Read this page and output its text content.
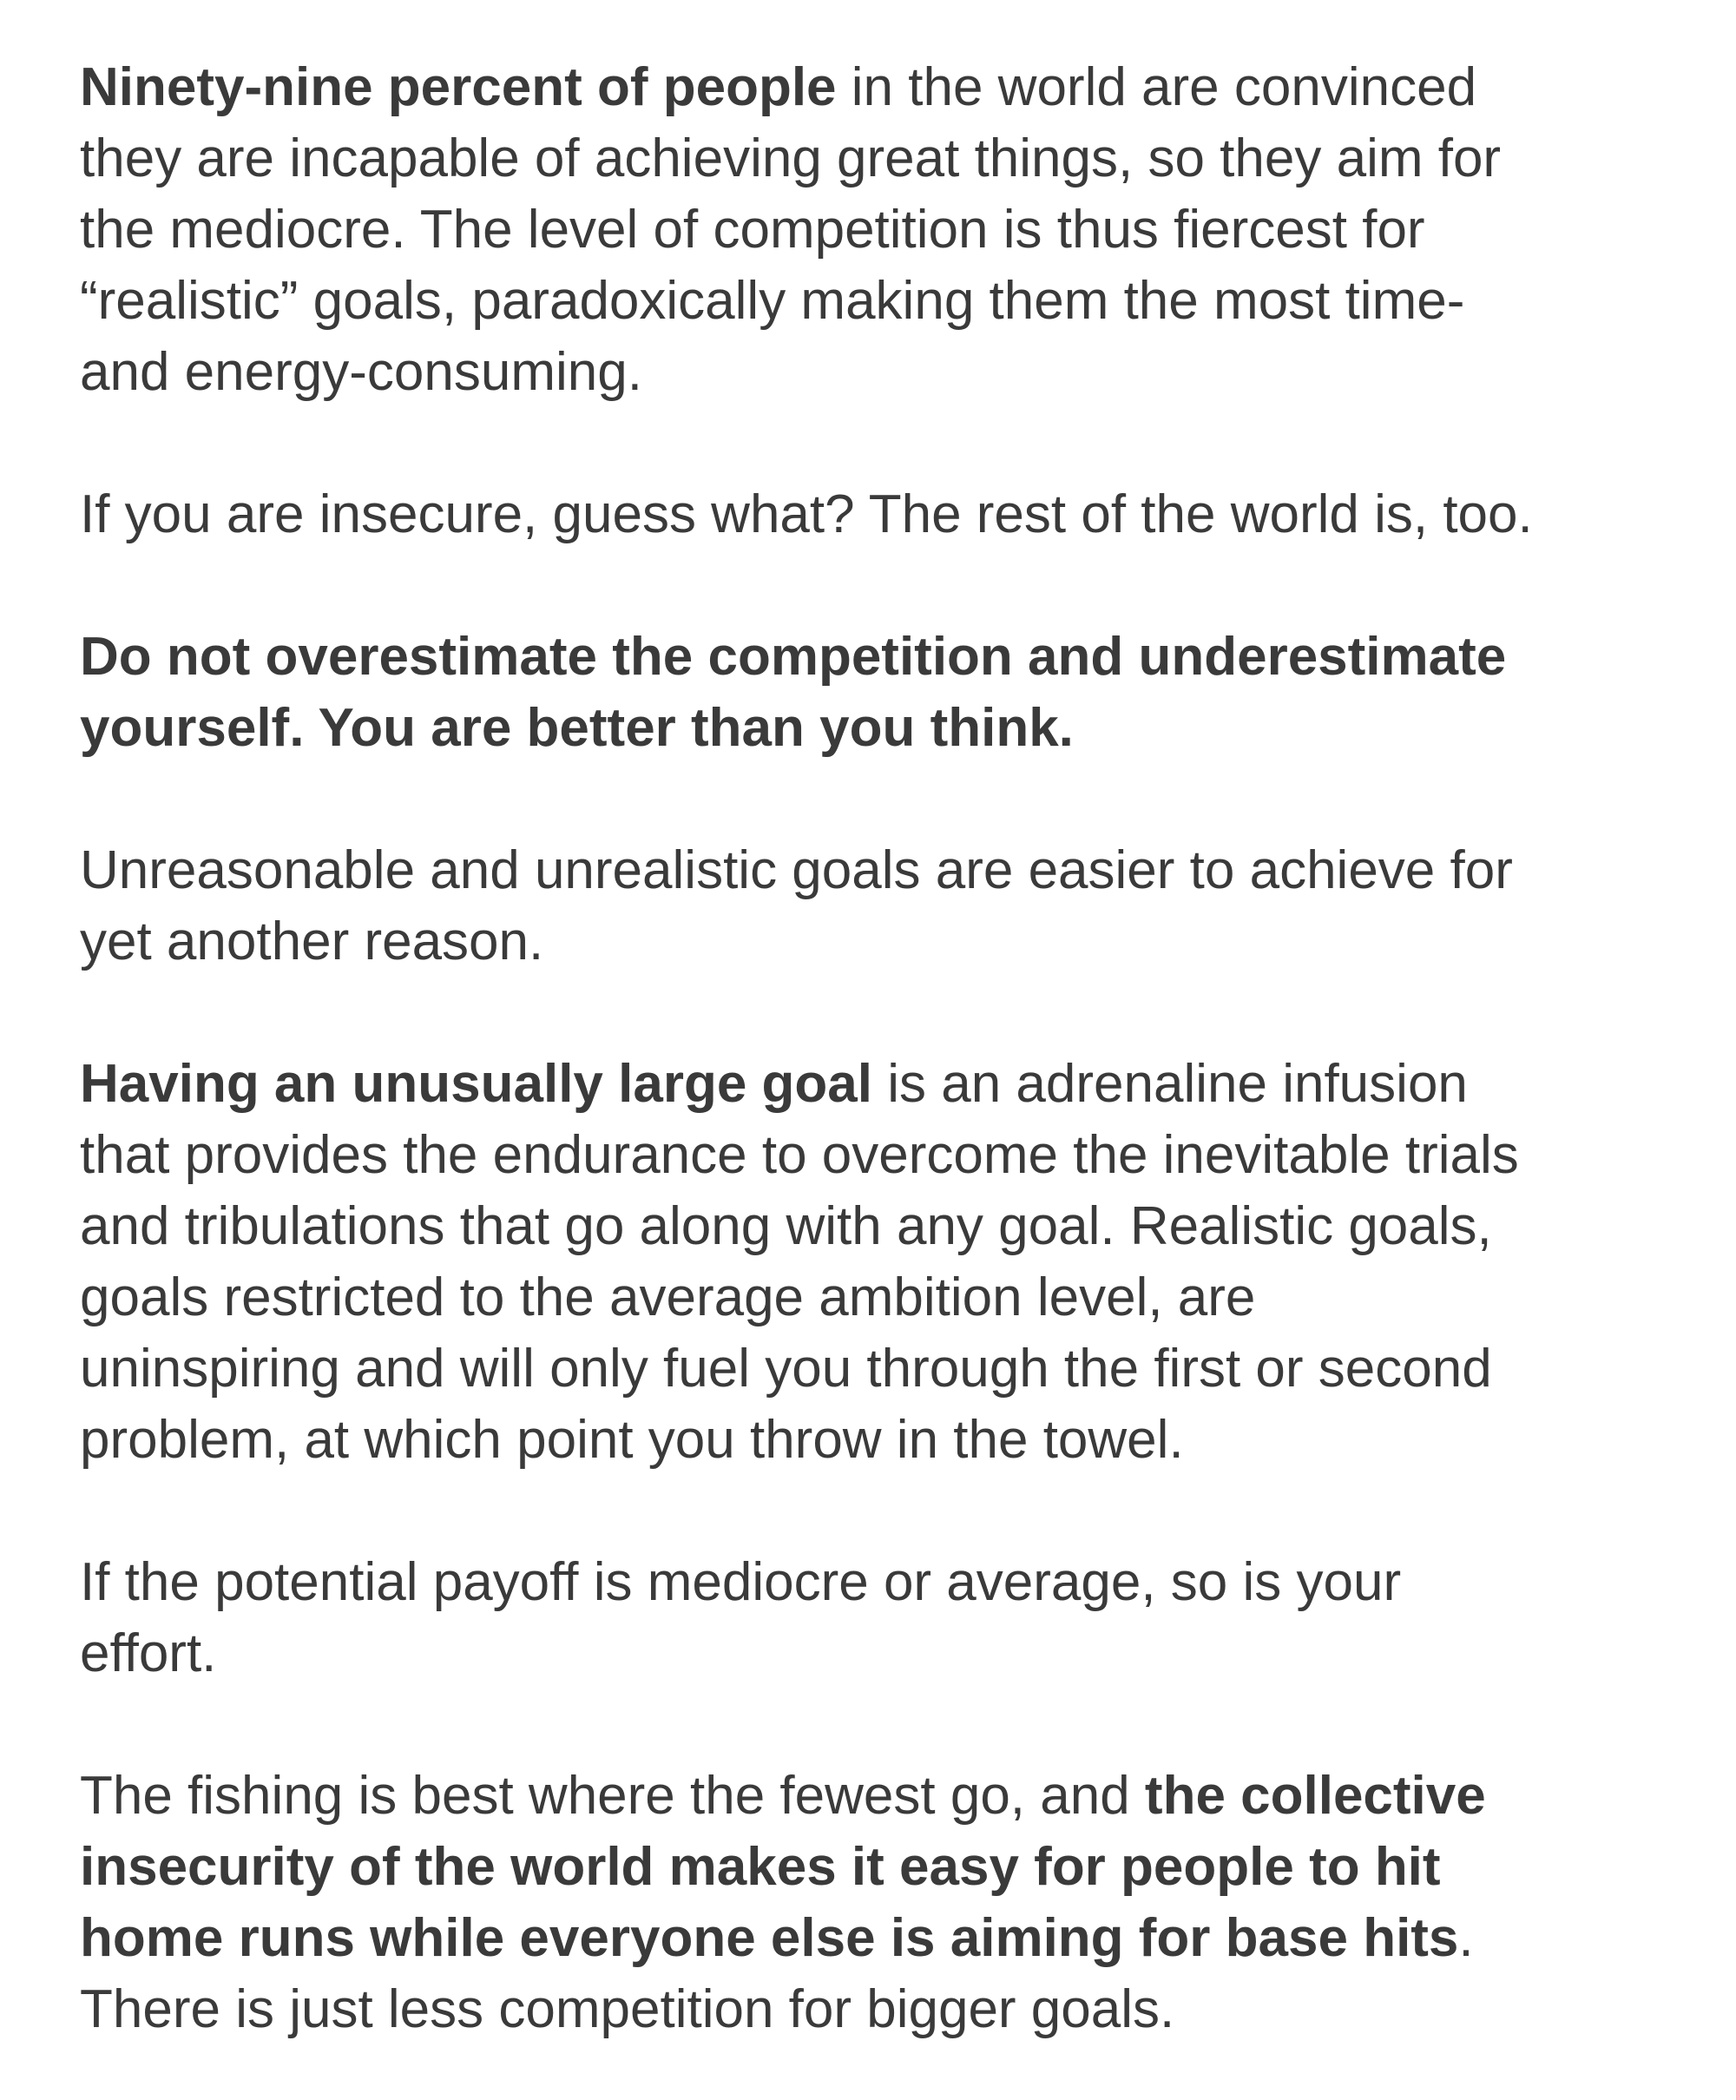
Ninety-nine percent of people in the world are convinced
they are incapable of achieving great things, so they aim for
the mediocre. The level of competition is thus fiercest for
“realistic” goals, paradoxically making them the most time-
and energy-consuming.

If you are insecure, guess what? The rest of the world is, too.

Do not overestimate the competition and underestimate
yourself. You are better than you think.

Unreasonable and unrealistic goals are easier to achieve for
yet another reason.

Having an unusually large goal is an adrenaline infusion
that provides the endurance to overcome the inevitable trials
and tribulations that go along with any goal. Realistic goals,
goals restricted to the average ambition level, are
uninspiring and will only fuel you through the first or second
problem, at which point you throw in the towel.

If the potential payoff is mediocre or average, so is your
effort.

The fishing is best where the fewest go, and the collective
insecurity of the world makes it easy for people to hit
home runs while everyone else is aiming for base hits.
There is just less competition for bigger goals.
